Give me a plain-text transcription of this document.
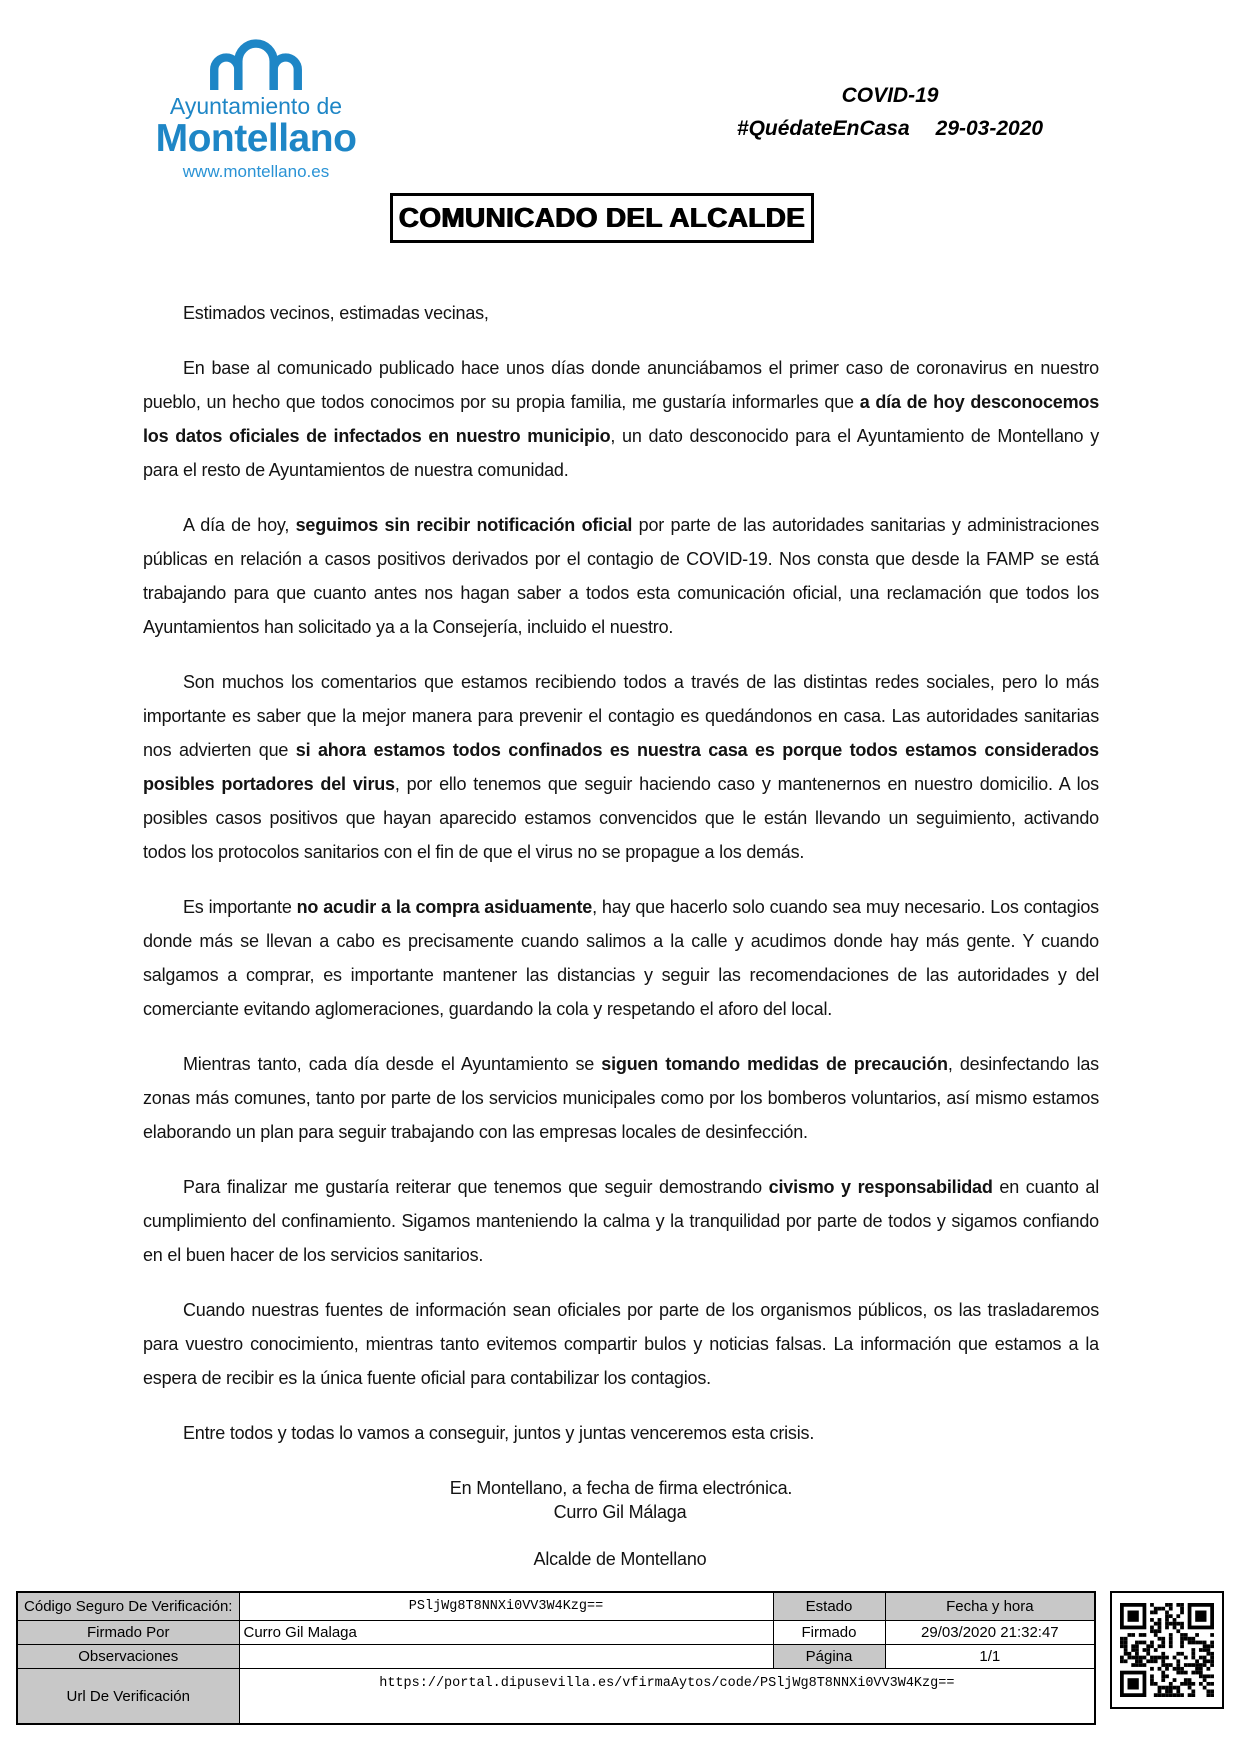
Ayuntamiento de
Montellano
www.montellano.es
COVID-19
#QuédateEnCasa 29-03-2020
COMUNICADO DEL ALCALDE

Estimados vecinos, estimadas vecinas,

En base al comunicado publicado hace unos días donde anunciábamos el primer caso de coronavirus en nuestro pueblo, un hecho que todos conocimos por su propia familia, me gustaría informarles que a día de hoy desconocemos los datos oficiales de infectados en nuestro municipio, un dato desconocido para el Ayuntamiento de Montellano y para el resto de Ayuntamientos de nuestra comunidad.

A día de hoy, seguimos sin recibir notificación oficial por parte de las autoridades sanitarias y administraciones públicas en relación a casos positivos derivados por el contagio de COVID-19. Nos consta que desde la FAMP se está trabajando para que cuanto antes nos hagan saber a todos esta comunicación oficial, una reclamación que todos los Ayuntamientos han solicitado ya a la Consejería, incluido el nuestro.

Son muchos los comentarios que estamos recibiendo todos a través de las distintas redes sociales, pero lo más importante es saber que la mejor manera para prevenir el contagio es quedándonos en casa. Las autoridades sanitarias nos advierten que si ahora estamos todos confinados es nuestra casa es porque todos estamos considerados posibles portadores del virus, por ello tenemos que seguir haciendo caso y mantenernos en nuestro domicilio. A los posibles casos positivos que hayan aparecido estamos convencidos que le están llevando un seguimiento, activando todos los protocolos sanitarios con el fin de que el virus no se propague a los demás.

Es importante no acudir a la compra asiduamente, hay que hacerlo solo cuando sea muy necesario. Los contagios donde más se llevan a cabo es precisamente cuando salimos a la calle y acudimos donde hay más gente. Y cuando salgamos a comprar, es importante mantener las distancias y seguir las recomendaciones de las autoridades y del comerciante evitando aglomeraciones, guardando la cola y respetando el aforo del local.

Mientras tanto, cada día desde el Ayuntamiento se siguen tomando medidas de precaución, desinfectando las zonas más comunes, tanto por parte de los servicios municipales como por los bomberos voluntarios, así mismo estamos elaborando un plan para seguir trabajando con las empresas locales de desinfección.

Para finalizar me gustaría reiterar que tenemos que seguir demostrando civismo y responsabilidad en cuanto al cumplimiento del confinamiento. Sigamos manteniendo la calma y la tranquilidad por parte de todos y sigamos confiando en el buen hacer de los servicios sanitarios.

Cuando nuestras fuentes de información sean oficiales por parte de los organismos públicos, os las trasladaremos para vuestro conocimiento, mientras tanto evitemos compartir bulos y noticias falsas. La información que estamos a la espera de recibir es la única fuente oficial para contabilizar los contagios.

Entre todos y todas lo vamos a conseguir, juntos y juntas venceremos esta crisis.

En Montellano, a fecha de firma electrónica.

Curro Gil Málaga
Alcalde de Montellano
Código Seguro De Verificación:	PSljWg8T8NNXi0VV3W4Kzg==	Estado	Fecha y hora
Firmado Por	Curro Gil Malaga	Firmado	29/03/2020 21:32:47
Observaciones		Página	1/1
Url De Verificación	https://portal.dipusevilla.es/vfirmaAytos/code/PSljWg8T8NNXi0VV3W4Kzg==		
